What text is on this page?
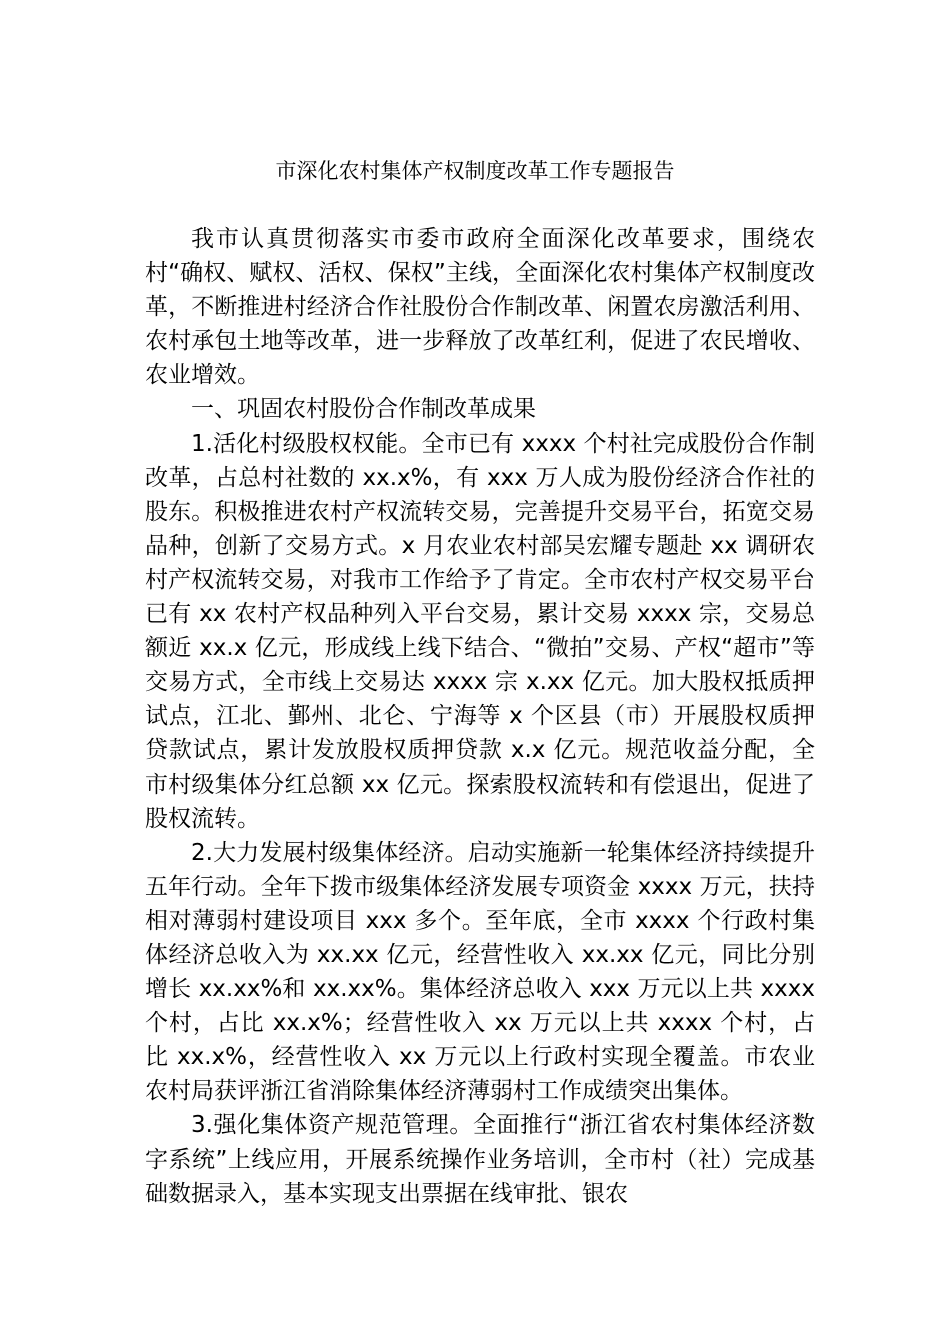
市深化农村集体产权制度改革工作专题报告

我市认真贯彻落实市委市政府全面深化改革要求，围绕农村“确权、赋权、活权、保权”主线，全面深化农村集体产权制度改革，不断推进村经济合作社股份合作制改革、闲置农房激活利用、农村承包土地等改革，进一步释放了改革红利，促进了农民增收、农业增效。

一、巩固农村股份合作制改革成果

1.活化村级股权权能。全市已有 xxxx 个村社完成股份合作制改革，占总村社数的 xx.x%，有 xxx 万人成为股份经济合作社的股东。积极推进农村产权流转交易，完善提升交易平台，拓宽交易品种，创新了交易方式。x 月农业农村部吴宏耀专题赴 xx 调研农村产权流转交易，对我市工作给予了肯定。全市农村产权交易平台已有 xx 农村产权品种列入平台交易，累计交易 xxxx 宗，交易总额近 xx.x 亿元，形成线上线下结合、“微拍”交易、产权“超市”等交易方式，全市线上交易达 xxxx 宗 x.xx 亿元。加大股权抵质押试点，江北、鄞州、北仑、宁海等 x 个区县（市）开展股权质押贷款试点，累计发放股权质押贷款 x.x 亿元。规范收益分配，全市村级集体分红总额 xx 亿元。探索股权流转和有偿退出，促进了股权流转。

2.大力发展村级集体经济。启动实施新一轮集体经济持续提升五年行动。全年下拨市级集体经济发展专项资金 xxxx 万元，扶持相对薄弱村建设项目 xxx 多个。至年底，全市 xxxx 个行政村集体经济总收入为 xx.xx 亿元，经营性收入 xx.xx 亿元，同比分别增长 xx.xx%和 xx.xx%。集体经济总收入 xxx 万元以上共 xxxx 个村，占比 xx.x%；经营性收入 xx 万元以上共 xxxx 个村，占比 xx.x%，经营性收入 xx 万元以上行政村实现全覆盖。市农业农村局获评浙江省消除集体经济薄弱村工作成绩突出集体。

3.强化集体资产规范管理。全面推行“浙江省农村集体经济数字系统”上线应用，开展系统操作业务培训，全市村（社）完成基础数据录入，基本实现支出票据在线审批、银农
